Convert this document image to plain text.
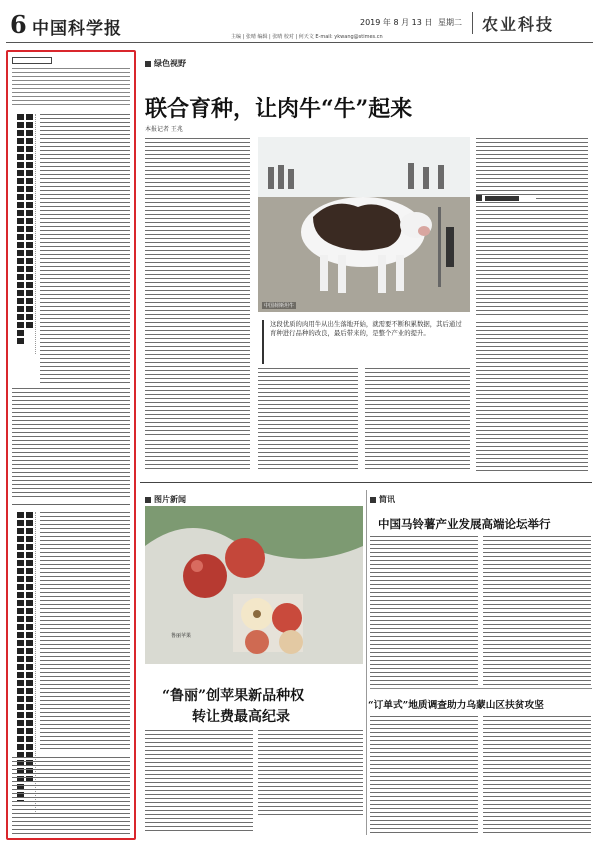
6 中国科学报	2019 年 8 月 13 日 星期二 农业科技
主编 | 张晴 编辑 | 张晴 校对 | 何天文 E-mail: ykwang@stimes.cn
绿色视野
联合育种，让肉牛“牛”起来
本报记者 王兆
中国荷斯坦牛
这段优质的肉用牛从出生落地开始，就需要不断积累数据，其后通过育种进行品种的改良，最后带来的，是整个产业的提升。
图片新闻
鲁丽苹果
“鲁丽”创苹果新品种权
转让费最高纪录
简讯
中国马铃薯产业发展高端论坛举行
“订单式”地质调查助力乌蒙山区扶贫攻坚
